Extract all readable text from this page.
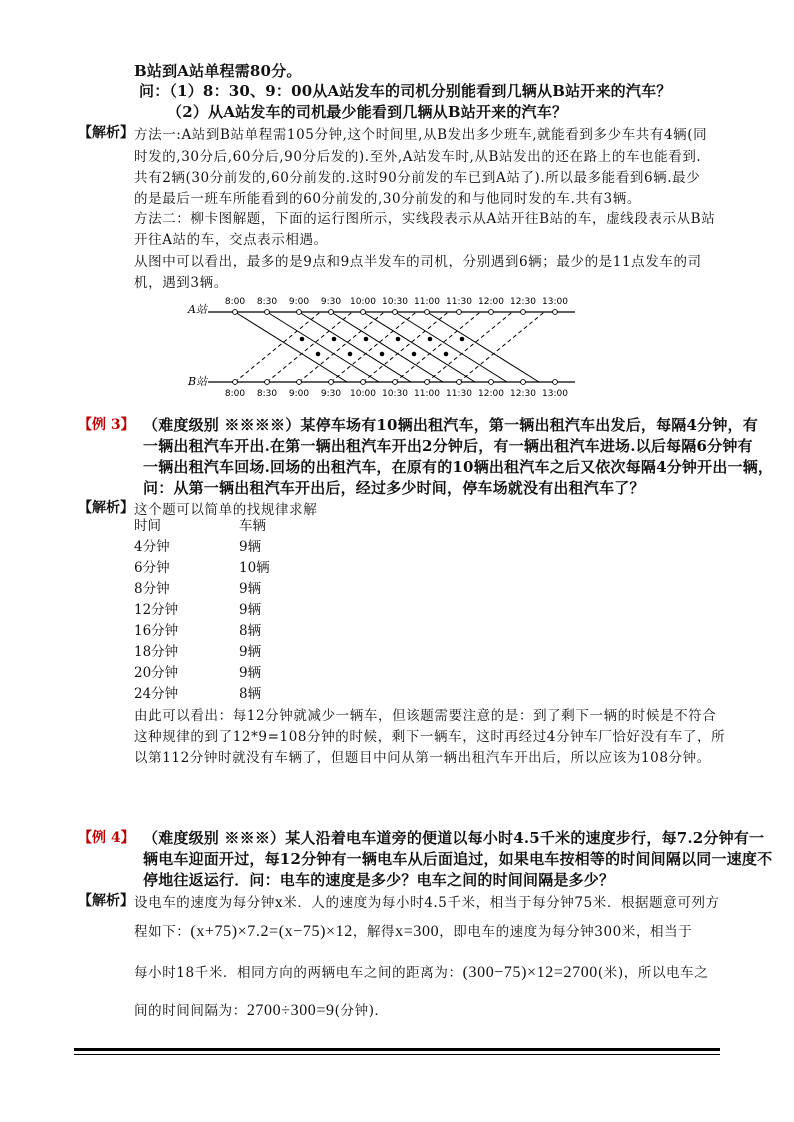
B站到A站单程需80分。
问：（1）8：30、9：00从A站发车的司机分别能看到几辆从B站开来的汽车？
（2）从A站发车的司机最少能看到几辆从B站开来的汽车？
【解析】 方法一:A站到B站单程需105分钟,这个时间里,从B发出多少班车,就能看到多少车共有4辆(同
时发的,30分后,60分后,90分后发的).至外,A站发车时,从B站发出的还在路上的车也能看到.
共有2辆(30分前发的,60分前发的.这时90分前发的车已到A站了).所以最多能看到6辆.最少
的是最后一班车所能看到的60分前发的,30分前发的和与他同时发的车.共有3辆。
方法二：柳卡图解题，下面的运行图所示，实线段表示从A站开往B站的车，虚线段表示从B站
开往A站的车，交点表示相遇。
从图中可以看出，最多的是9点和9点半发车的司机，分别遇到6辆；最少的是11点发车的司
机，遇到3辆。
A站
B站
8:00 8:30 9:00 9:30 10:00 10:30 11:00 11:30 12:00 12:30 13:00
8:00 8:30 9:00 9:30 10:00 10:30 11:00 11:30 12:00 12:30 13:00
【例 3】 （难度级别 ※※※※）某停车场有10辆出租汽车，第一辆出租汽车出发后，每隔4分钟，有
一辆出租汽车开出.在第一辆出租汽车开出2分钟后，有一辆出租汽车进场.以后每隔6分钟有
一辆出租汽车回场.回场的出租汽车，在原有的10辆出租汽车之后又依次每隔4分钟开出一辆，
问：从第一辆出租汽车开出后，经过多少时间，停车场就没有出租汽车了？
【解析】 这个题可以简单的找规律求解
时间	车辆
4分钟	9辆
6分钟	10辆
8分钟	9辆
12分钟	9辆
16分钟	8辆
18分钟	9辆
20分钟	9辆
24分钟	8辆
由此可以看出：每12分钟就减少一辆车，但该题需要注意的是：到了剩下一辆的时候是不符合
这种规律的到了12*9=108分钟的时候，剩下一辆车，这时再经过4分钟车厂恰好没有车了，所
以第112分钟时就没有车辆了，但题目中问从第一辆出租汽车开出后，所以应该为108分钟。
【例 4】 （难度级别 ※※※）某人沿着电车道旁的便道以每小时4.5千米的速度步行，每7.2分钟有一
辆电车迎面开过，每12分钟有一辆电车从后面追过，如果电车按相等的时间间隔以同一速度不
停地往返运行．问：电车的速度是多少？电车之间的时间间隔是多少？
【解析】 设电车的速度为每分钟x米．人的速度为每小时4.5千米，相当于每分钟75米．根据题意可列方
程如下：(x+75)×7.2=(x−75)×12，解得x=300，即电车的速度为每分钟300米，相当于
每小时18千米．相同方向的两辆电车之间的距离为：(300−75)×12=2700(米)，所以电车之
间的时间间隔为：2700÷300=9(分钟)．
